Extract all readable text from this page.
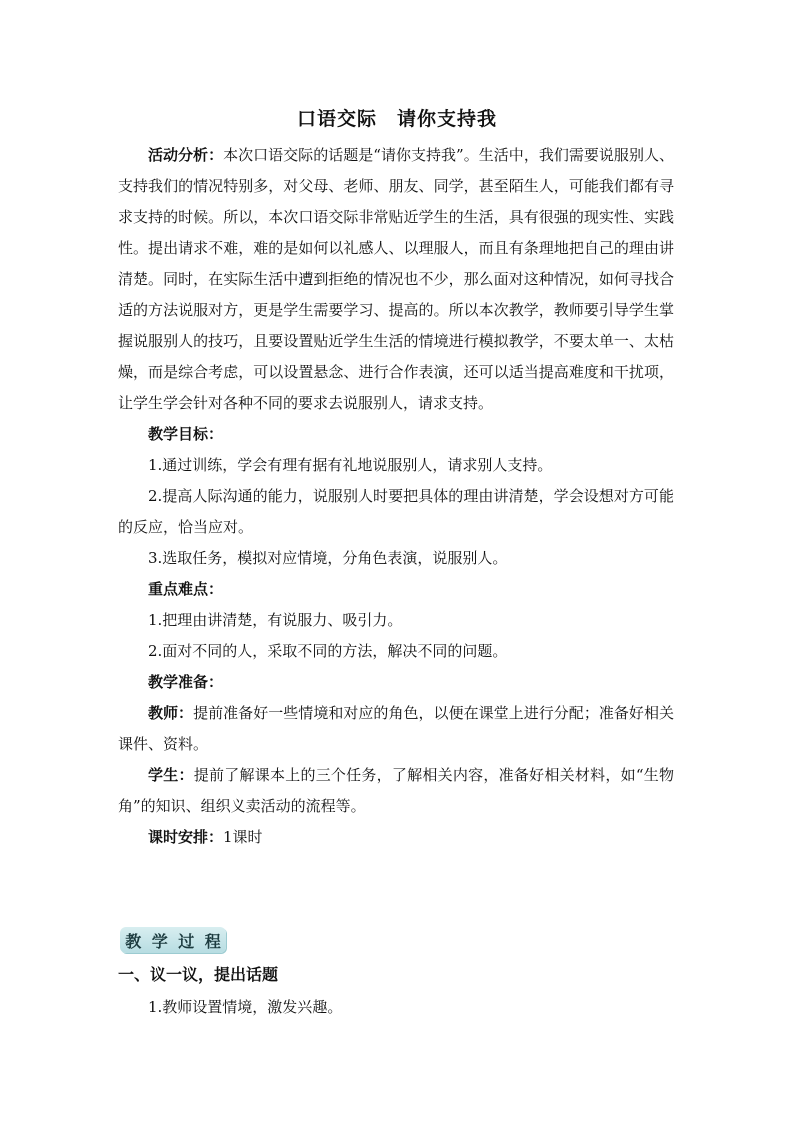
口语交际　请你支持我

活动分析：本次口语交际的话题是“请你支持我”。生活中，我们需要说服别人、支持我们的情况特别多，对父母、老师、朋友、同学，甚至陌生人，可能我们都有寻求支持的时候。所以，本次口语交际非常贴近学生的生活，具有很强的现实性、实践性。提出请求不难，难的是如何以礼感人、以理服人，而且有条理地把自己的理由讲清楚。同时，在实际生活中遭到拒绝的情况也不少，那么面对这种情况，如何寻找合适的方法说服对方，更是学生需要学习、提高的。所以本次教学，教师要引导学生掌握说服别人的技巧，且要设置贴近学生生活的情境进行模拟教学，不要太单一、太枯燥，而是综合考虑，可以设置悬念、进行合作表演，还可以适当提高难度和干扰项，让学生学会针对各种不同的要求去说服别人，请求支持。

教学目标：

1.通过训练，学会有理有据有礼地说服别人，请求别人支持。

2.提高人际沟通的能力，说服别人时要把具体的理由讲清楚，学会设想对方可能的反应，恰当应对。

3.选取任务，模拟对应情境，分角色表演，说服别人。

重点难点：

1.把理由讲清楚，有说服力、吸引力。

2.面对不同的人，采取不同的方法，解决不同的问题。

教学准备：

教师：提前准备好一些情境和对应的角色，以便在课堂上进行分配；准备好相关课件、资料。

学生：提前了解课本上的三个任务，了解相关内容，准备好相关材料，如“生物角”的知识、组织义卖活动的流程等。

课时安排：1课时

教 学 过 程
一、议一议，提出话题
1.教师设置情境，激发兴趣。
